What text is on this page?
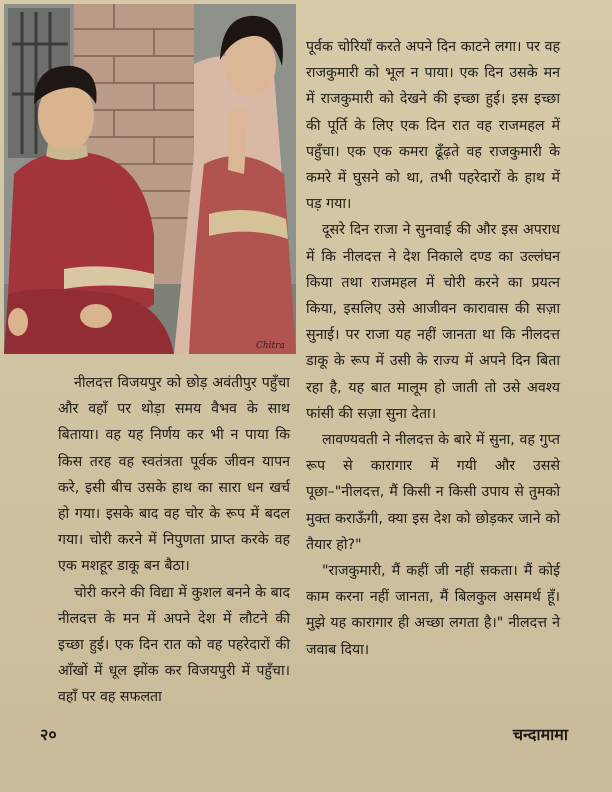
Chitra

पूर्वक चोरियाँ करते अपने दिन काटने लगा। पर वह राजकुमारी को भूल न पाया। एक दिन उसके मन में राजकुमारी को देखने की इच्छा हुई। इस इच्छा की पूर्ति के लिए एक दिन रात वह राजमहल में पहुँचा। एक एक कमरा ढूँढ़ते वह राजकुमारी के कमरे में घुसने को था, तभी पहरेदारों के हाथ में पड़ गया।

दूसरे दिन राजा ने सुनवाई की और इस अपराध में कि नीलदत्त ने देश निकाले दण्ड का उल्लंघन किया तथा राजमहल में चोरी करने का प्रयत्न किया, इसलिए उसे आजीवन कारावास की सज़ा सुनाई। पर राजा यह नहीं जानता था कि नीलदत्त डाकू के रूप में उसी के राज्य में अपने दिन बिता रहा है, यह बात मालूम हो जाती तो उसे अवश्य फांसी की सज़ा सुना देता।

लावण्यवती ने नीलदत्त के बारे में सुना, वह गुप्त रूप से कारागार में गयी और उससे पूछा–"नीलदत्त, मैं किसी न किसी उपाय से तुमको मुक्त कराऊँगी, क्या इस देश को छोड़कर जाने को तैयार हो?"

"राजकुमारी, मैं कहीं जी नहीं सकता। मैं कोई काम करना नहीं जानता, मैं बिलकुल असमर्थ हूँ। मुझे यह कारागार ही अच्छा लगता है।" नीलदत्त ने जवाब दिया।

नीलदत्त विजयपुर को छोड़ अवंतीपुर पहुँचा और वहाँ पर थोड़ा समय वैभव के साथ बिताया। वह यह निर्णय कर भी न पाया कि किस तरह वह स्वतंत्रता पूर्वक जीवन यापन करे, इसी बीच उसके हाथ का सारा धन खर्च हो गया। इसके बाद वह चोर के रूप में बदल गया। चोरी करने में निपुणता प्राप्त करके वह एक मशहूर डाकू बन बैठा।

चोरी करने की विद्या में कुशल बनने के बाद नीलदत्त के मन में अपने देश में लौटने की इच्छा हुई। एक दिन रात को वह पहरेदारों की आँखों में धूल झोंक कर विजयपुरी में पहुँचा। वहाँ पर वह सफलता

२०	चन्दामामा
